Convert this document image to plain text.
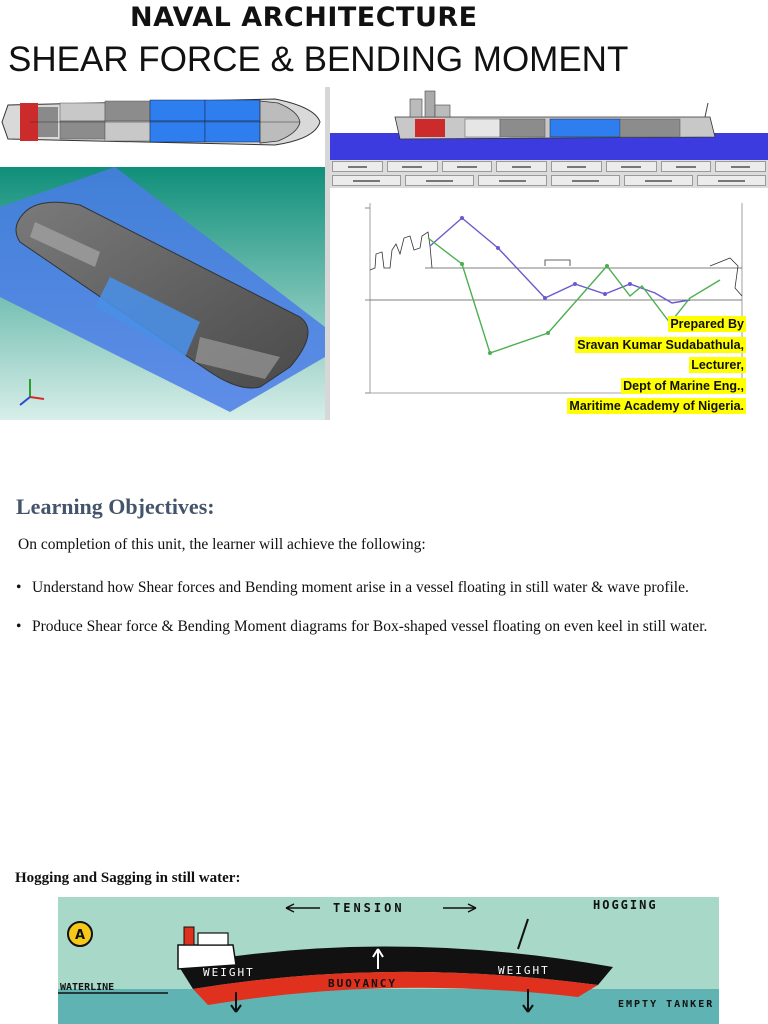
NAVAL ARCHITECTURE
SHEAR FORCE & BENDING MOMENT
Prepared By
Sravan Kumar Sudabathula,
Lecturer,
Dept of Marine Eng.,
Maritime Academy of Nigeria.
Learning Objectives:
On completion of this unit, the learner will achieve the following:
• Understand how Shear forces and Bending moment arise in a vessel floating in still water & wave profile.
• Produce Shear force & Bending Moment diagrams for Box-shaped vessel floating on even keel in still water.
Hogging and Sagging in still water:
A
TENSION	HOGGING
WATERLINE
WEIGHT	WEIGHT
BUOYANCY
EMPTY TANKER
